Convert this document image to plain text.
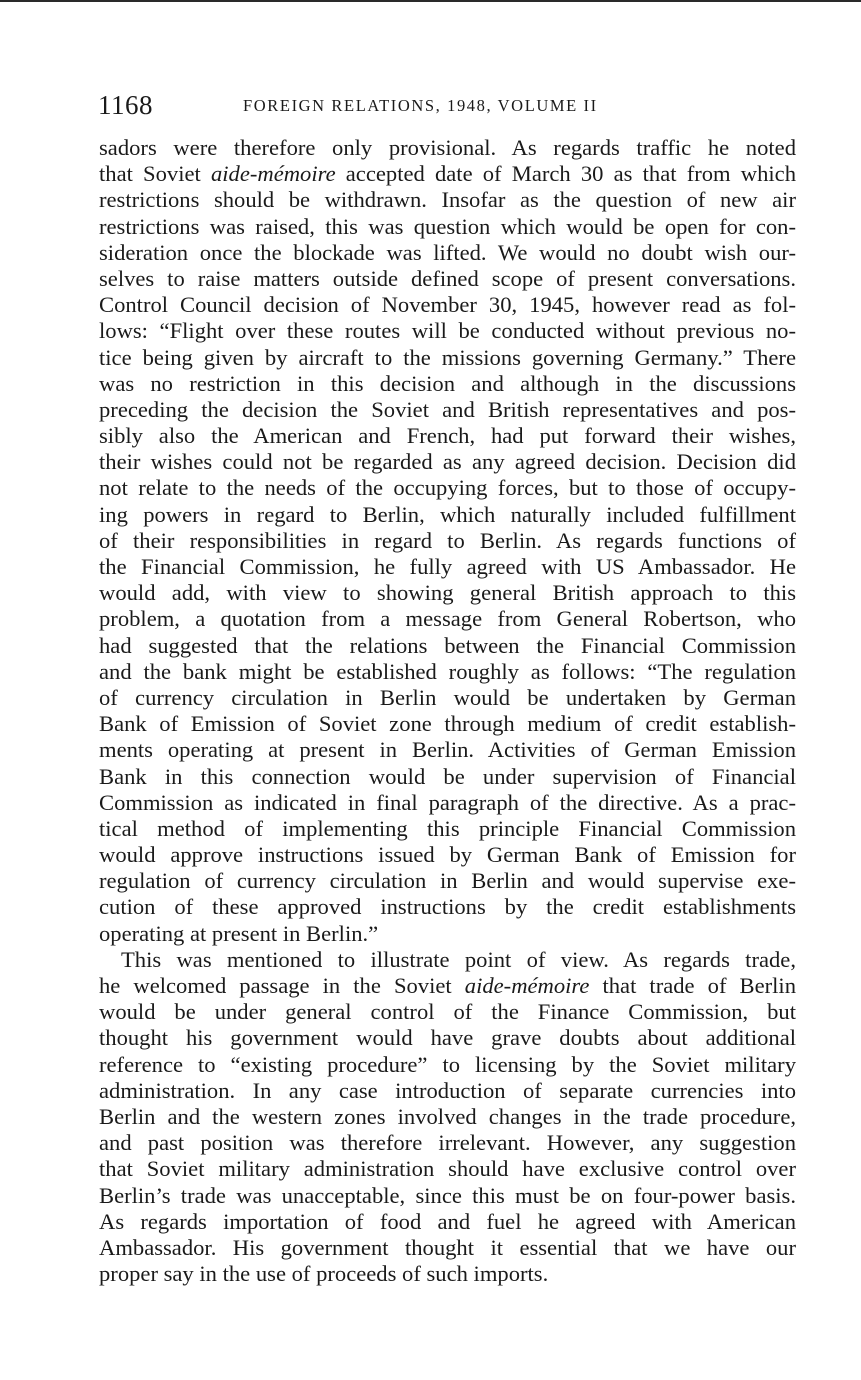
1168	FOREIGN RELATIONS, 1948, VOLUME II
sadors were therefore only provisional. As regards traffic he noted
that Soviet aide-mémoire accepted date of March 30 as that from which
restrictions should be withdrawn. Insofar as the question of new air
restrictions was raised, this was question which would be open for con-
sideration once the blockade was lifted. We would no doubt wish our-
selves to raise matters outside defined scope of present conversations.
Control Council decision of November 30, 1945, however read as fol-
lows: “Flight over these routes will be conducted without previous no-
tice being given by aircraft to the missions governing Germany.” There
was no restriction in this decision and although in the discussions
preceding the decision the Soviet and British representatives and pos-
sibly also the American and French, had put forward their wishes,
their wishes could not be regarded as any agreed decision. Decision did
not relate to the needs of the occupying forces, but to those of occupy-
ing powers in regard to Berlin, which naturally included fulfillment
of their responsibilities in regard to Berlin. As regards functions of
the Financial Commission, he fully agreed with US Ambassador. He
would add, with view to showing general British approach to this
problem, a quotation from a message from General Robertson, who
had suggested that the relations between the Financial Commission
and the bank might be established roughly as follows: “The regulation
of currency circulation in Berlin would be undertaken by German
Bank of Emission of Soviet zone through medium of credit establish-
ments operating at present in Berlin. Activities of German Emission
Bank in this connection would be under supervision of Financial
Commission as indicated in final paragraph of the directive. As a prac-
tical method of implementing this principle Financial Commission
would approve instructions issued by German Bank of Emission for
regulation of currency circulation in Berlin and would supervise exe-
cution of these approved instructions by the credit establishments
operating at present in Berlin.”
This was mentioned to illustrate point of view. As regards trade,
he welcomed passage in the Soviet aide-mémoire that trade of Berlin
would be under general control of the Finance Commission, but
thought his government would have grave doubts about additional
reference to “existing procedure” to licensing by the Soviet military
administration. In any case introduction of separate currencies into
Berlin and the western zones involved changes in the trade procedure,
and past position was therefore irrelevant. However, any suggestion
that Soviet military administration should have exclusive control over
Berlin’s trade was unacceptable, since this must be on four-power basis.
As regards importation of food and fuel he agreed with American
Ambassador. His government thought it essential that we have our
proper say in the use of proceeds of such imports.
